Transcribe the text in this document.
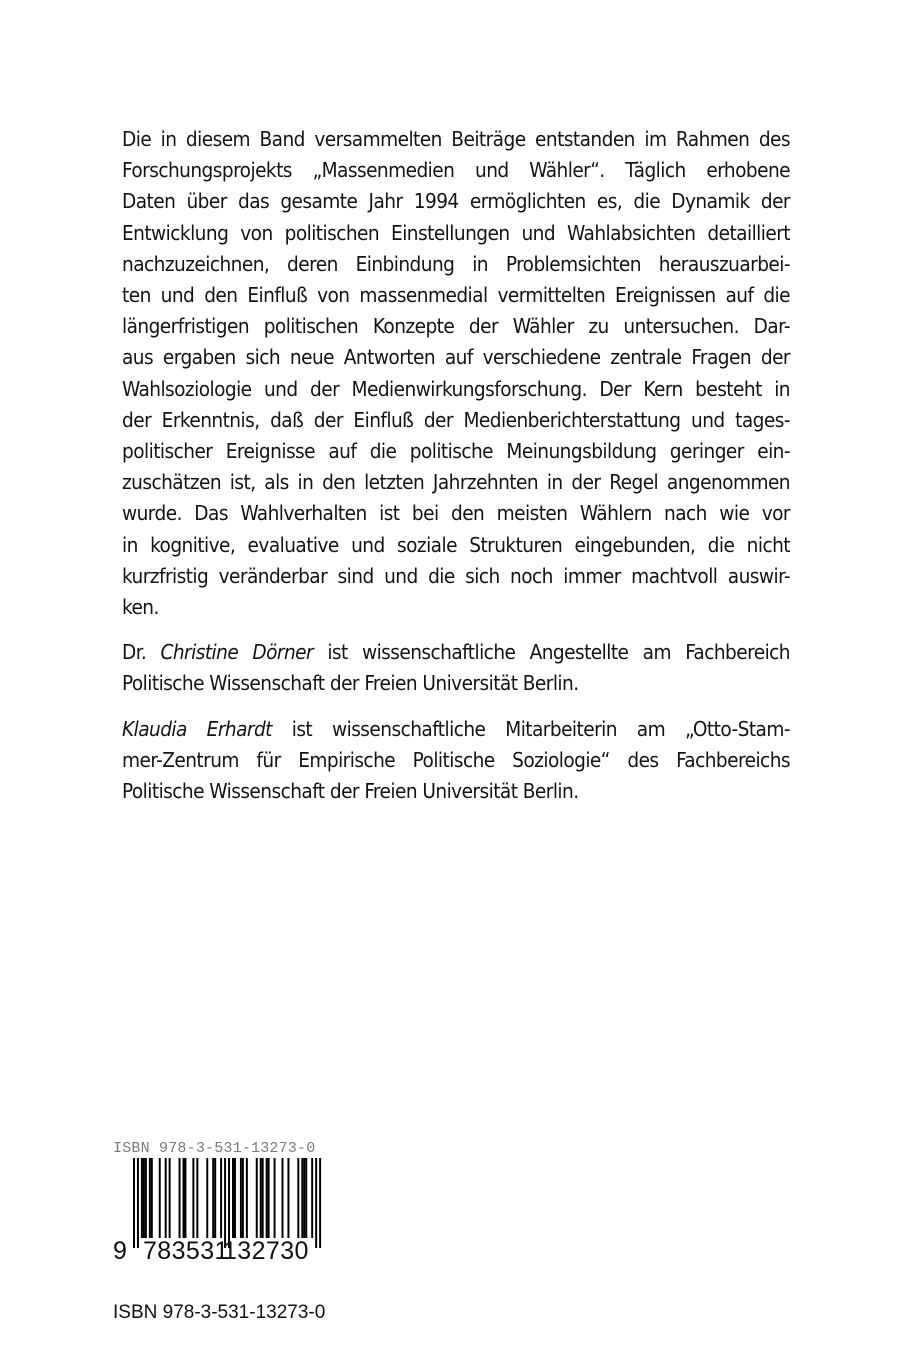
Die in diesem Band versammelten Beiträge entstanden im Rahmen des
Forschungsprojekts „Massenmedien und Wähler“. Täglich erhobene
Daten über das gesamte Jahr 1994 ermöglichten es, die Dynamik der
Entwicklung von politischen Einstellungen und Wahlabsichten detailliert
nachzuzeichnen, deren Einbindung in Problemsichten herauszuarbei-
ten und den Einfluß von massenmedial vermittelten Ereignissen auf die
längerfristigen politischen Konzepte der Wähler zu untersuchen. Dar-
aus ergaben sich neue Antworten auf verschiedene zentrale Fragen der
Wahlsoziologie und der Medienwirkungsforschung. Der Kern besteht in
der Erkenntnis, daß der Einfluß der Medienberichterstattung und tages-
politischer Ereignisse auf die politische Meinungsbildung geringer ein-
zuschätzen ist, als in den letzten Jahrzehnten in der Regel angenommen
wurde. Das Wahlverhalten ist bei den meisten Wählern nach wie vor
in kognitive, evaluative und soziale Strukturen eingebunden, die nicht
kurzfristig veränderbar sind und die sich noch immer machtvoll auswir-
ken.

Dr. Christine Dörner ist wissenschaftliche Angestellte am Fachbereich
Politische Wissenschaft der Freien Universität Berlin.

Klaudia Erhardt ist wissenschaftliche Mitarbeiterin am „Otto-Stam-
mer-Zentrum für Empirische Politische Soziologie“ des Fachbereichs
Politische Wissenschaft der Freien Universität Berlin.

ISBN 978-3-531-13273-0
9 783531
132730
ISBN 978-3-531-13273-0
